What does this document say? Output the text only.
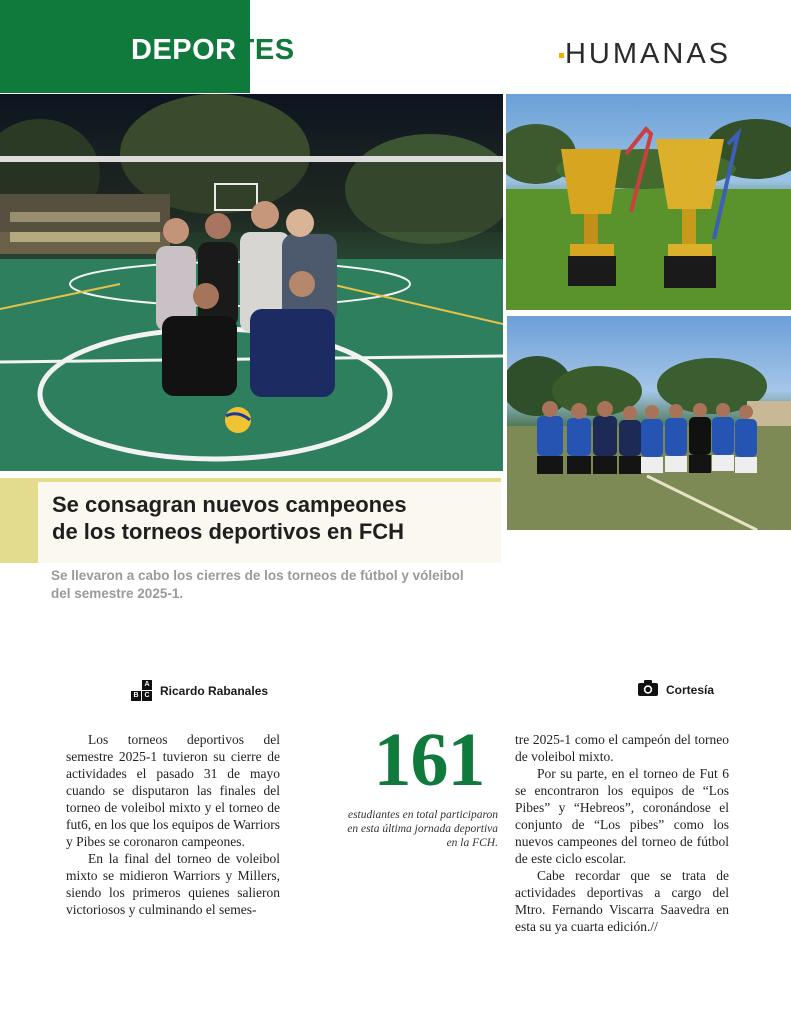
DEPORTES	HUMANAS
Se consagran nuevos campeones
de los torneos deportivos en FCH

Se llevaron a cabo los cierres de los torneos de fútbol y vóleibol del semestre 2025-1.

A
B C Ricardo Rabanales	Cortesía

Los torneos deportivos del semestre 2025-1 tuvieron su cierre de actividades el pasado 31 de mayo cuando se disputaron las finales del torneo de voleibol mixto y el torneo de fut6, en los que los equipos de Warriors y Pibes se coronaron campeones.

En la final del torneo de voleibol mixto se midieron Warriors y Millers, siendo los primeros quienes salieron victoriosos y culminando el semes-

161

estudiantes en total participaron en esta última jornada deportiva en la FCH.

tre 2025-1 como el campeón del torneo de voleibol mixto.

Por su parte, en el torneo de Fut 6 se encontraron los equipos de “Los Pibes” y “Hebreos”, coronándose el conjunto de “Los pibes” como los nuevos campeones del torneo de fútbol de este ciclo escolar.

Cabe recordar que se trata de actividades deportivas a cargo del Mtro. Fernando Viscarra Saavedra en esta su ya cuarta edición.//
